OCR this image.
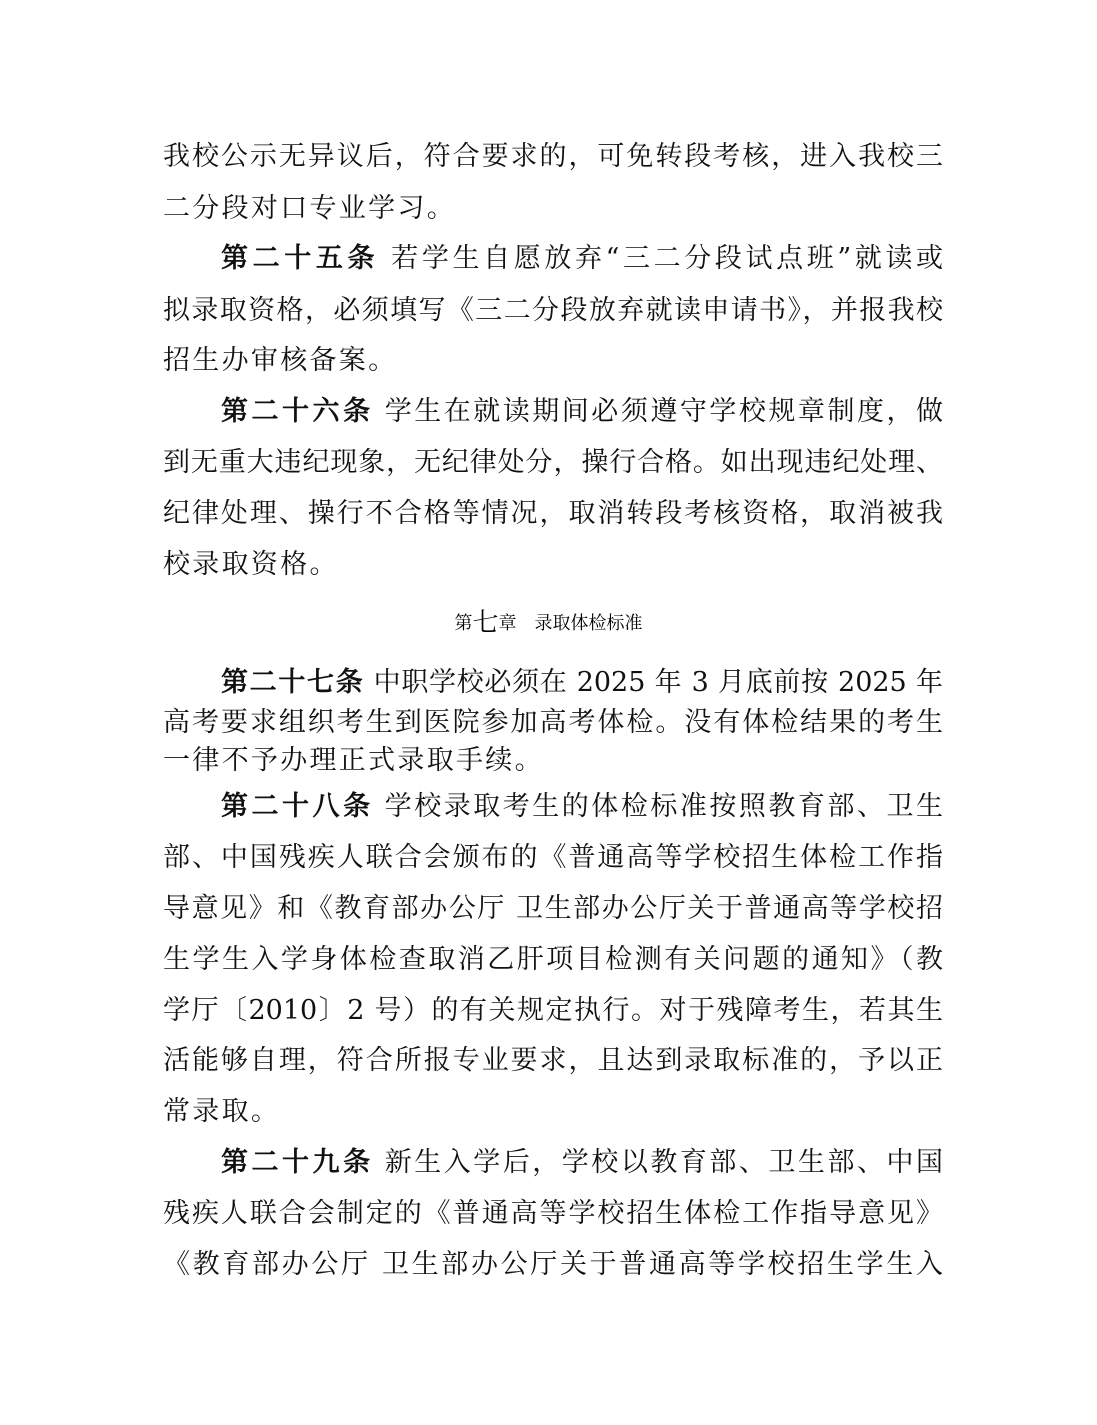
我校公示无异议后，符合要求的，可免转段考核，进入我校三
二分段对口专业学习。
第二十五条 若学生自愿放弃“三二分段试点班”就读或
拟录取资格，必须填写《三二分段放弃就读申请书》，并报我校
招生办审核备案。
第二十六条 学生在就读期间必须遵守学校规章制度，做
到无重大违纪现象，无纪律处分，操行合格。如出现违纪处理、
纪律处理、操行不合格等情况，取消转段考核资格，取消被我
校录取资格。
第七章 录取体检标准
第二十七条 中职学校必须在 2025 年 3 月底前按 2025 年
高考要求组织考生到医院参加高考体检。没有体检结果的考生
一律不予办理正式录取手续。
第二十八条 学校录取考生的体检标准按照教育部、卫生
部、中国残疾人联合会颁布的《普通高等学校招生体检工作指
导意见》和《教育部办公厅 卫生部办公厅关于普通高等学校招
生学生入学身体检查取消乙肝项目检测有关问题的通知》（教
学厅〔2010〕2 号）的有关规定执行。对于残障考生，若其生
活能够自理，符合所报专业要求，且达到录取标准的，予以正
常录取。
第二十九条 新生入学后，学校以教育部、卫生部、中国
残疾人联合会制定的《普通高等学校招生体检工作指导意见》
《教育部办公厅 卫生部办公厅关于普通高等学校招生学生入
